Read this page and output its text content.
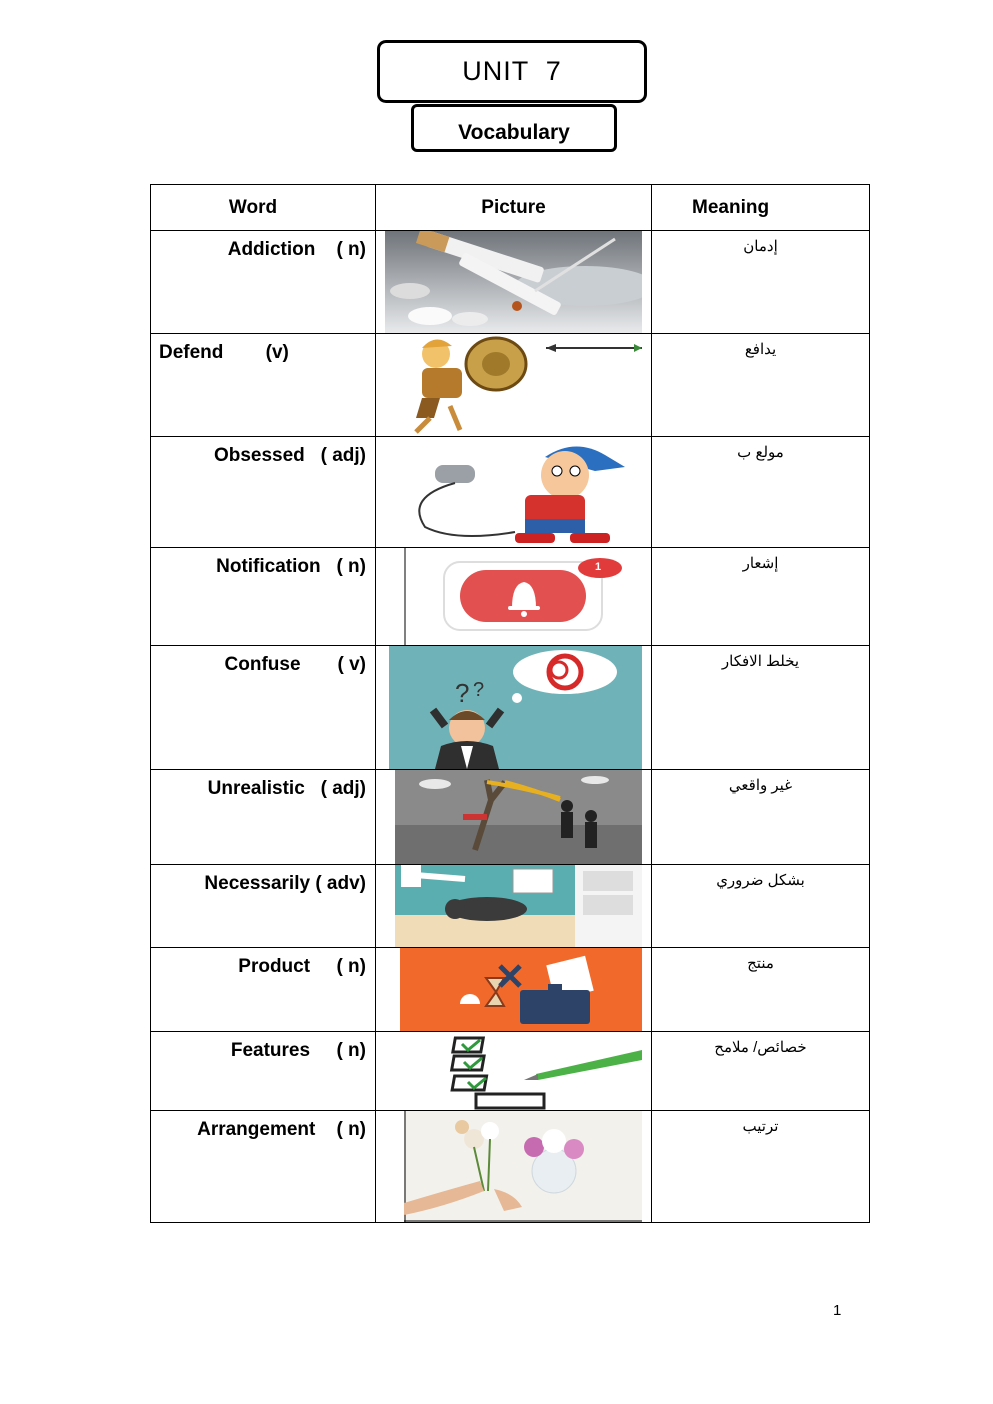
UNIT  7
Vocabulary
Word	Picture	Meaning
Addiction    ( n)		إدمان
Defend        (v)		يدافع
Obsessed   ( adj)		مولع ب
Notification   ( n)	1	إشعار
Confuse       ( v)	? ?	يخلط الافكار
Unrealistic   ( adj)		غير واقعي
Necessarily ( adv)		بشكل ضروري
Product     ( n)		منتج
Features     ( n)		خصائص/ ملامح
Arrangement    ( n)		ترتيب
1
